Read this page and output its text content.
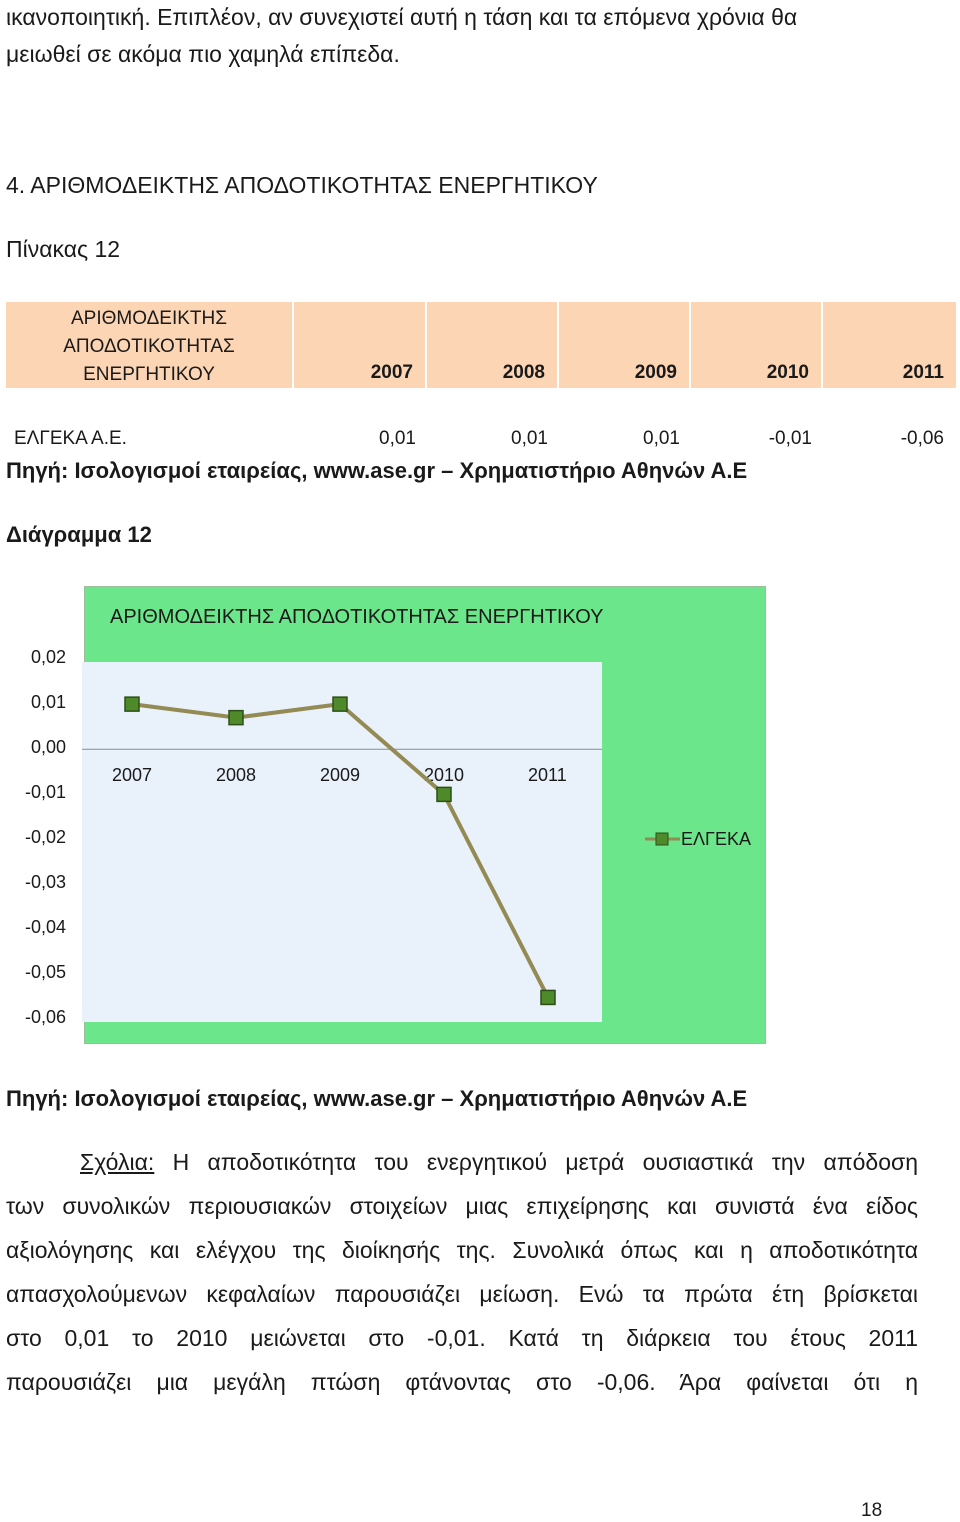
ικανοποιητική. Επιπλέον, αν συνεχιστεί αυτή η τάση και τα επόμενα χρόνια θα
μειωθεί σε ακόμα πιο χαμηλά επίπεδα.
4. ΑΡΙΘΜΟΔΕΙΚΤΗΣ ΑΠΟΔΟΤΙΚΟΤΗΤΑΣ ΕΝΕΡΓΗΤΙΚΟΥ
Πίνακας 12
ΑΡΙΘΜΟΔΕΙΚΤΗΣ
ΑΠΟΔΟΤΙΚΟΤΗΤΑΣ
ΕΝΕΡΓΗΤΙΚΟΥ	2007	2008	2009	2010	2011
ΕΛΓΕΚΑ Α.Ε.	0,01	0,01	0,01	-0,01	-0,06
Πηγή: Ισολογισμοί εταιρείας, www.ase.gr – Χρηματιστήριο Αθηνών Α.Ε
Διάγραμμα 12
ΑΡΙΘΜΟΔΕΙΚΤΗΣ ΑΠΟΔΟΤΙΚΟΤΗΤΑΣ ΕΝΕΡΓΗΤΙΚΟΥ
0,02
0,01
0,00
-0,01
-0,02
-0,03
-0,04
-0,05
-0,06
2007	2008	2009	2010	2011
ΕΛΓΕΚΑ
Πηγή: Ισολογισμοί εταιρείας, www.ase.gr – Χρηματιστήριο Αθηνών Α.Ε
Σχόλια: Η αποδοτικότητα του ενεργητικού μετρά ουσιαστικά την απόδοση
των συνολικών περιουσιακών στοιχείων μιας επιχείρησης και συνιστά ένα είδος
αξιολόγησης και ελέγχου της διοίκησής της. Συνολικά όπως και η αποδοτικότητα
απασχολούμενων κεφαλαίων παρουσιάζει μείωση. Ενώ τα πρώτα έτη βρίσκεται
στο 0,01 το 2010 μειώνεται στο -0,01. Κατά τη διάρκεια του έτους 2011
παρουσιάζει μια μεγάλη πτώση φτάνοντας στο -0,06. Άρα φαίνεται ότι η
18
